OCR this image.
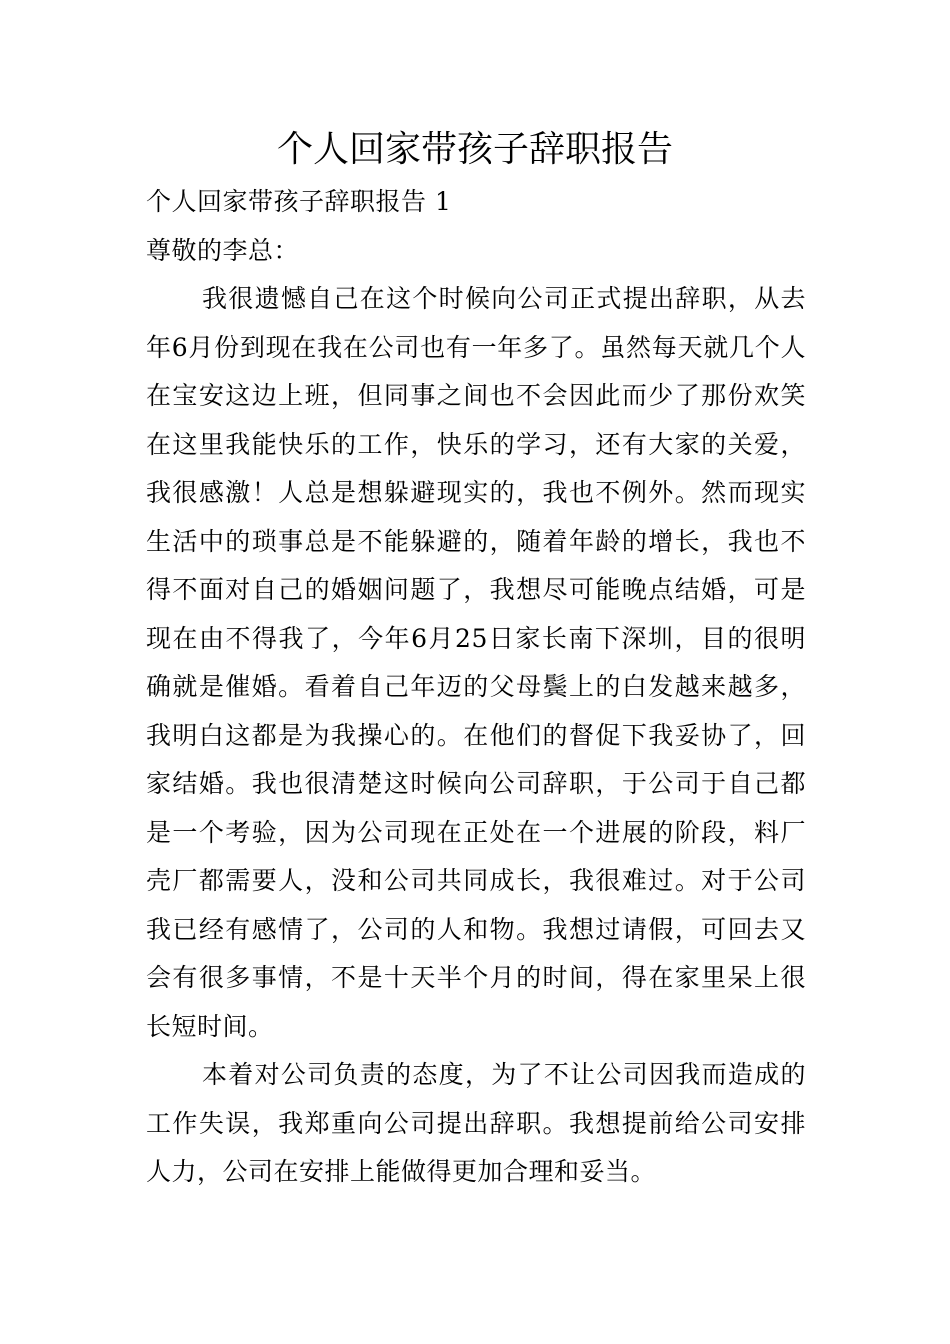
个人回家带孩子辞职报告

个人回家带孩子辞职报告 1

尊敬的李总：

我很遗憾自己在这个时候向公司正式提出辞职，从去年6月份到现在我在公司也有一年多了。虽然每天就几个人在宝安这边上班，但同事之间也不会因此而少了那份欢笑在这里我能快乐的工作，快乐的学习，还有大家的关爱，我很感激！人总是想躲避现实的，我也不例外。然而现实生活中的琐事总是不能躲避的，随着年龄的增长，我也不得不面对自己的婚姻问题了，我想尽可能晚点结婚，可是现在由不得我了，今年6月25日家长南下深圳，目的很明确就是催婚。看着自己年迈的父母鬓上的白发越来越多，我明白这都是为我操心的。在他们的督促下我妥协了，回家结婚。我也很清楚这时候向公司辞职，于公司于自己都是一个考验，因为公司现在正处在一个进展的阶段，料厂壳厂都需要人，没和公司共同成长，我很难过。对于公司我已经有感情了，公司的人和物。我想过请假，可回去又会有很多事情，不是十天半个月的时间，得在家里呆上很长短时间。

本着对公司负责的态度，为了不让公司因我而造成的工作失误，我郑重向公司提出辞职。我想提前给公司安排人力，公司在安排上能做得更加合理和妥当。
